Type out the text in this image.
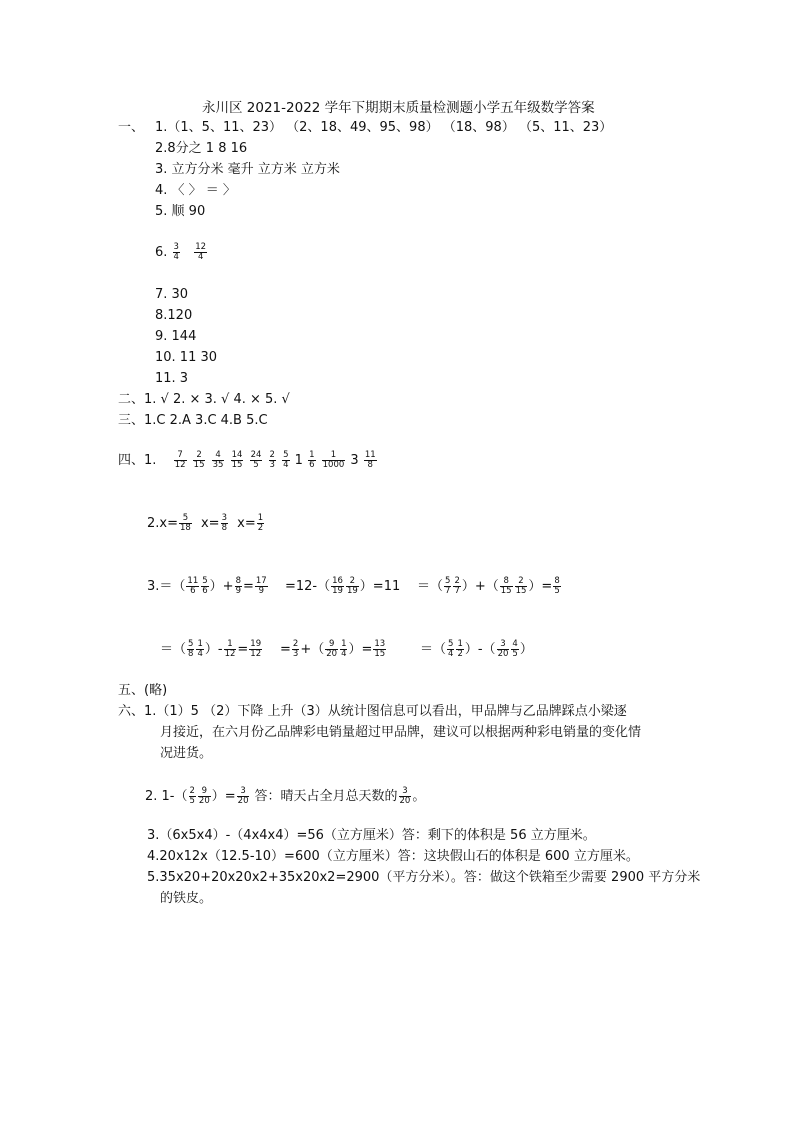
永川区 2021-2022 学年下期期末质量检测题小学五年级数学答案
一、 1.（1、5、11、23） （2、18、49、95、98） （18、98） （5、11、23）
2.8分之 1 8 16
3. 立方分米 毫升 立方米 立方米
4. 〈 〉 ＝ 〉
5. 顺 90
6. $\frac{3}{4}$
$\frac{12}{4}$
7. 30
8.120
9. 144
10. 11 30
11. 3
二、1. √ 2. × 3. √ 4. × 5. √
三、1.C 2.A 3.C 4.B 5.C
四、1. $\frac{7}{12}$
$\frac{2}{15}$
$\frac{4}{35}$
$\frac{14}{15}$
$\frac{24}{5}$
$\frac{2}{3}$
$\frac{5}{4} 1 \frac{1}{6}$
$\frac{1}{1000} 3 \frac{11}{8}$
$2.x= \frac{5}{18} x= \frac{3}{8} x= \frac{1}{2}$
$3.=( \frac{11}{6} \frac{5}{6}$ ）+ $\frac{8}{9} = \frac{17}{9} =12-( \frac{16}{19} \frac{2}{19} )=11$ ＝（ $\frac{5}{7} \frac{2}{7}$ ）+（ $\frac{8}{15} \frac{2}{15}$ ）= $\frac{8}{5}$
＝（ $\frac{5}{8} \frac{1}{4}$ ）- $\frac{1}{12} = \frac{19}{12} = \frac{2}{3}$ +（ $\frac{9}{20} \frac{1}{4}$ ）= $\frac{13}{15}$	＝（ $\frac{5}{4} \frac{1}{2}$ ）-（ $\frac{3}{20} \frac{4}{5}$ ）
五、(略)
六、1.（1）5 （2）下降 上升（3）从统计图信息可以看出，甲品牌与乙品牌踩点小梁逐
月接近，在六月份乙品牌彩电销量超过甲品牌，建议可以根据两种彩电销量的变化情
况进货。
2. $1-( \frac{2}{5} \frac{9}{20}$ ）= $\frac{3}{20}$ 答：晴天占全月总天数的 $\frac{3}{20}$ 。
3.（6x5x4）-（4x4x4）=56（立方厘米）答：剩下的体积是 56 立方厘米。
4.20x12x（12.5-10）=600（立方厘米）答：这块假山石的体积是 600 立方厘米。
5.35x20+20x20x2+35x20x2=2900（平方分米）。答：做这个铁箱至少需要 2900 平方分米
的铁皮。
